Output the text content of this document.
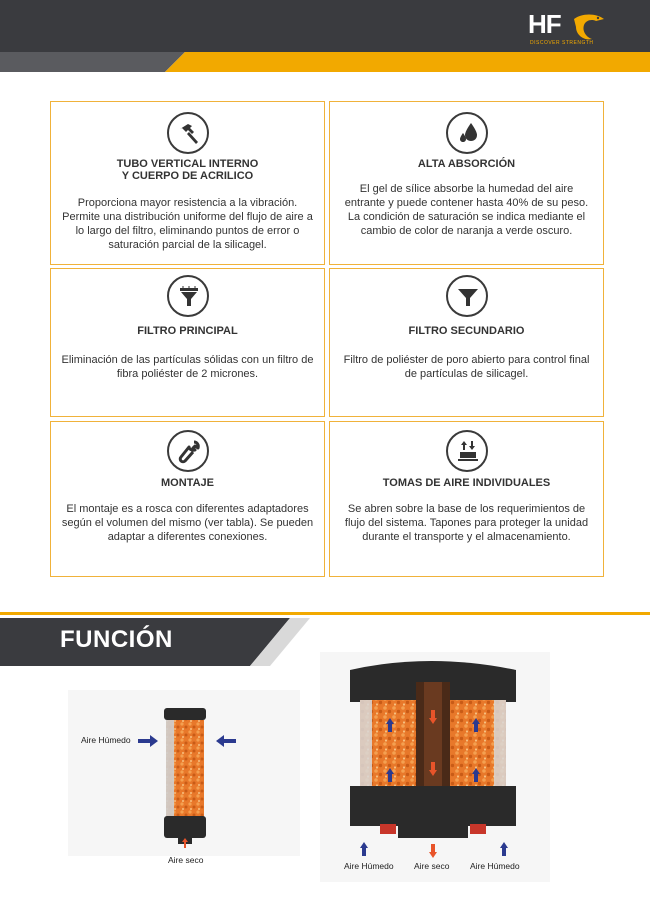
HF
DISCOVER STRENGTH
TUBO VERTICAL INTERNO
Y CUERPO DE ACRILICO

Proporciona mayor resistencia a la vibración. Permite una distribución uniforme del flujo de aire a lo largo del filtro, eliminando puntos de error o saturación parcial de la silicagel.

ALTA ABSORCIÓN

El gel de sílice absorbe la humedad del aire entrante y puede contener hasta 40% de su peso. La condición de saturación se indica mediante el cambio de color de naranja a verde oscuro.

FILTRO PRINCIPAL

Eliminación de las partículas sólidas con un filtro de fibra poliéster de 2 micrones.

FILTRO SECUNDARIO

Filtro de poliéster de poro abierto para control final de partículas de silicagel.

MONTAJE

El montaje es a rosca con diferentes adaptadores según el volumen del mismo (ver tabla). Se pueden adaptar a diferentes conexiones.

TOMAS DE AIRE INDIVIDUALES

Se abren sobre la base de los requerimientos de flujo del sistema. Tapones para proteger la unidad durante el transporte y el almacenamiento.

FUNCIÓN
Aire Húmedo
Aire seco
Aire Húmedo Aire seco Aire Húmedo
